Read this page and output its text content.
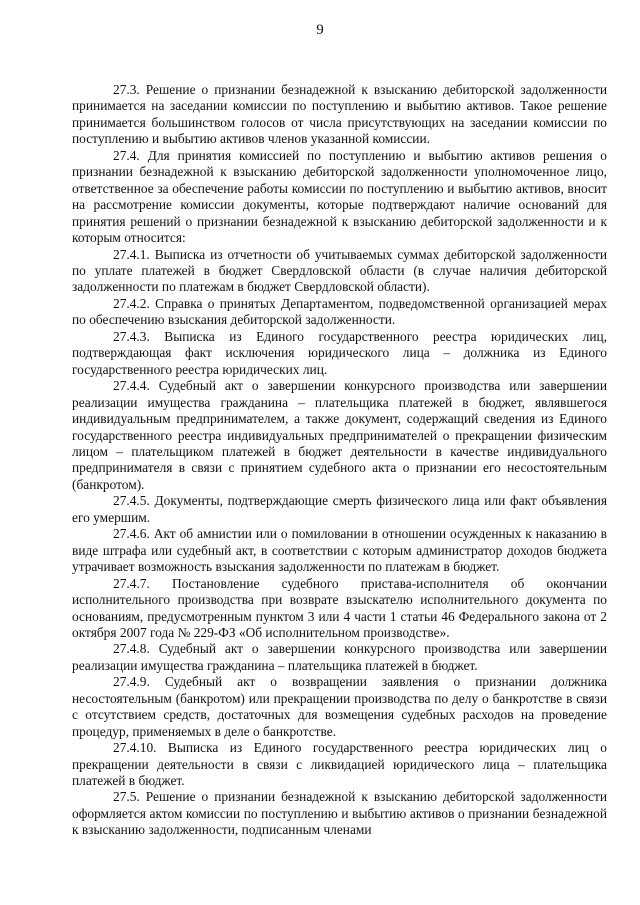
9

27.3. Решение о признании безнадежной к взысканию дебиторской задолженности принимается на заседании комиссии по поступлению и выбытию активов. Такое решение принимается большинством голосов от числа присутствующих на заседании комиссии по поступлению и выбытию активов членов указанной комиссии.

27.4. Для принятия комиссией по поступлению и выбытию активов решения о признании безнадежной к взысканию дебиторской задолженности уполномоченное лицо, ответственное за обеспечение работы комиссии по поступлению и выбытию активов, вносит на рассмотрение комиссии документы, которые подтверждают наличие оснований для принятия решений о признании безнадежной к взысканию дебиторской задолженности и к которым относится:

27.4.1. Выписка из отчетности об учитываемых суммах дебиторской задолженности по уплате платежей в бюджет Свердловской области (в случае наличия дебиторской задолженности по платежам в бюджет Свердловской области).

27.4.2. Справка о принятых Департаментом, подведомственной организацией мерах по обеспечению взыскания дебиторской задолженности.

27.4.3. Выписка из Единого государственного реестра юридических лиц, подтверждающая факт исключения юридического лица – должника из Единого государственного реестра юридических лиц.

27.4.4. Судебный акт о завершении конкурсного производства или завершении реализации имущества гражданина – плательщика платежей в бюджет, являвшегося индивидуальным предпринимателем, а также документ, содержащий сведения из Единого государственного реестра индивидуальных предпринимателей о прекращении физическим лицом – плательщиком платежей в бюджет деятельности в качестве индивидуального предпринимателя в связи с принятием судебного акта о признании его несостоятельным (банкротом).

27.4.5. Документы, подтверждающие смерть физического лица или факт объявления его умершим.

27.4.6. Акт об амнистии или о помиловании в отношении осужденных к наказанию в виде штрафа или судебный акт, в соответствии с которым администратор доходов бюджета утрачивает возможность взыскания задолженности по платежам в бюджет.

27.4.7. Постановление судебного пристава-исполнителя об окончании исполнительного производства при возврате взыскателю исполнительного документа по основаниям, предусмотренным пунктом 3 или 4 части 1 статьи 46 Федерального закона от 2 октября 2007 года № 229-ФЗ «Об исполнительном производстве».

27.4.8. Судебный акт о завершении конкурсного производства или завершении реализации имущества гражданина – плательщика платежей в бюджет.

27.4.9. Судебный акт о возвращении заявления о признании должника несостоятельным (банкротом) или прекращении производства по делу о банкротстве в связи с отсутствием средств, достаточных для возмещения судебных расходов на проведение процедур, применяемых в деле о банкротстве.

27.4.10. Выписка из Единого государственного реестра юридических лиц о прекращении деятельности в связи с ликвидацией юридического лица – плательщика платежей в бюджет.

27.5. Решение о признании безнадежной к взысканию дебиторской задолженности оформляется актом комиссии по поступлению и выбытию активов о признании безнадежной к взысканию задолженности, подписанным членами
